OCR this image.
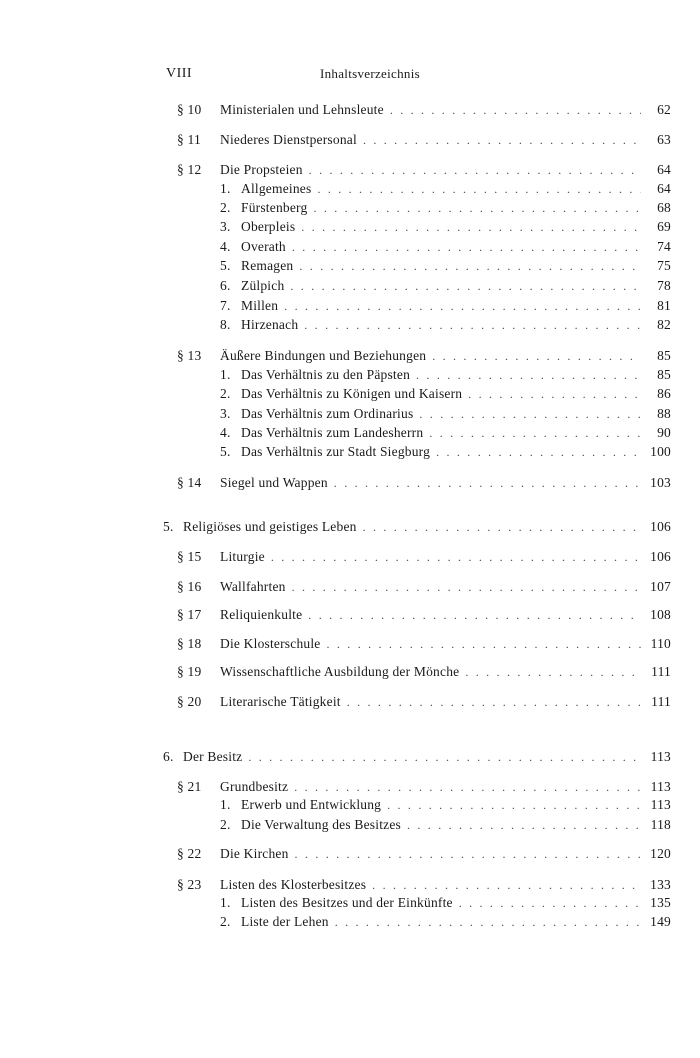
VIII	Inhaltsverzeichnis
§ 10	Ministerialen und Lehnsleute . . .	62
§ 11	Niederes Dienstpersonal . . .	63
§ 12	Die Propsteien . . .	64
1. Allgemeines . . .	64
2. Fürstenberg . . .	68
3. Oberpleis . . .	69
4. Overath . . .	74
5. Remagen . . .	75
6. Zülpich . . .	78
7. Millen . . .	81
8. Hirzenach . . .	82
§ 13	Äußere Bindungen und Beziehungen . . .	85
1. Das Verhältnis zu den Päpsten . . .	85
2. Das Verhältnis zu Königen und Kaisern . . .	86
3. Das Verhältnis zum Ordinarius . . .	88
4. Das Verhältnis zum Landesherrn . . .	90
5. Das Verhältnis zur Stadt Siegburg . . .	100
§ 14	Siegel und Wappen . . .	103
5. Religiöses und geistiges Leben . . .	106
§ 15	Liturgie . . .	106
§ 16	Wallfahrten . . .	107
§ 17	Reliquienkulte . . .	108
§ 18	Die Klosterschule . . .	110
§ 19	Wissenschaftliche Ausbildung der Mönche . . .	111
§ 20	Literarische Tätigkeit . . .	111
6. Der Besitz . . .	113
§ 21	Grundbesitz . . .	113
1. Erwerb und Entwicklung . . .	113
2. Die Verwaltung des Besitzes . . .	118
§ 22	Die Kirchen . . .	120
§ 23	Listen des Klosterbesitzes . . .	133
1. Listen des Besitzes und der Einkünfte . . .	135
2. Liste der Lehen . . .	149
